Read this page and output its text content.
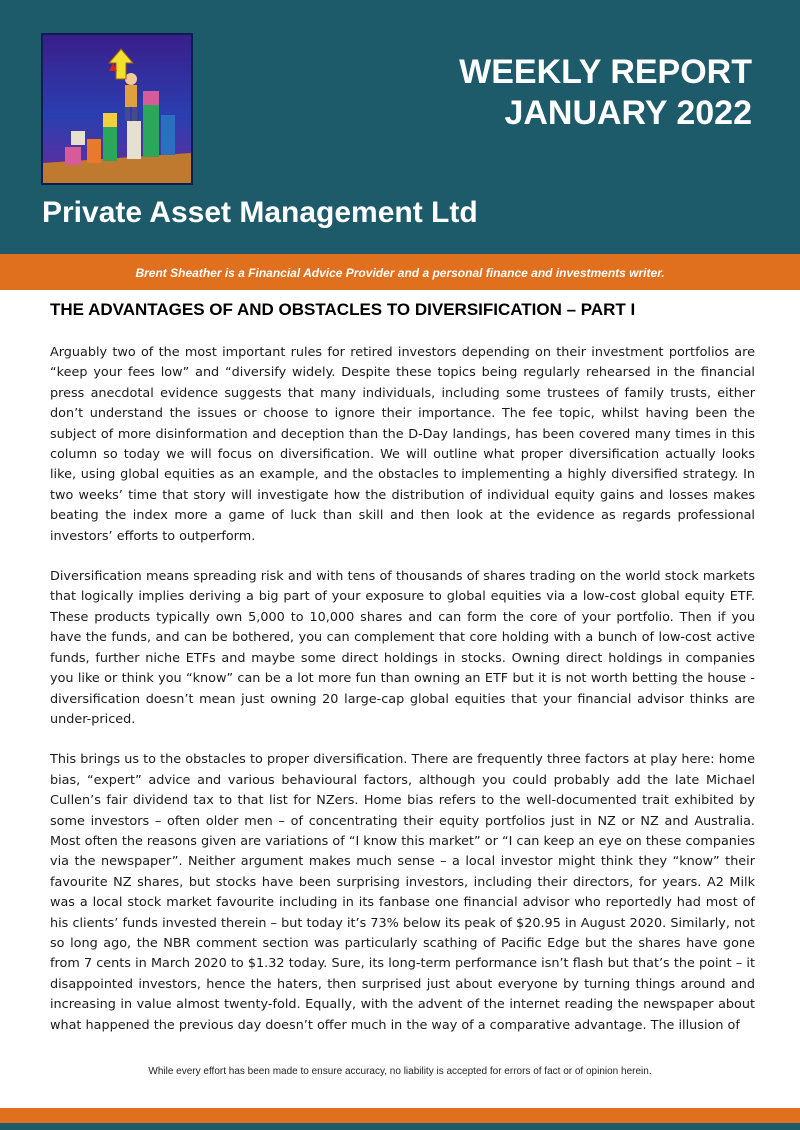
WEEKLY REPORT
JANUARY 2022
Private Asset Management Ltd
Brent Sheather is a Financial Advice Provider and a personal finance and investments writer.
THE ADVANTAGES OF AND OBSTACLES TO DIVERSIFICATION – PART I

Arguably two of the most important rules for retired investors depending on their investment portfolios are “keep your fees low” and “diversify widely. Despite these topics being regularly rehearsed in the financial press anecdotal evidence suggests that many individuals, including some trustees of family trusts, either don’t understand the issues or choose to ignore their importance. The fee topic, whilst having been the subject of more disinformation and deception than the D-Day landings, has been covered many times in this column so today we will focus on diversification. We will outline what proper diversification actually looks like, using global equities as an example, and the obstacles to implementing a highly diversified strategy. In two weeks’ time that story will investigate how the distribution of individual equity gains and losses makes beating the index more a game of luck than skill and then look at the evidence as regards professional investors’ efforts to outperform.

Diversification means spreading risk and with tens of thousands of shares trading on the world stock markets that logically implies deriving a big part of your exposure to global equities via a low-cost global equity ETF. These products typically own 5,000 to 10,000 shares and can form the core of your portfolio. Then if you have the funds, and can be bothered, you can complement that core holding with a bunch of low-cost active funds, further niche ETFs and maybe some direct holdings in stocks. Owning direct holdings in companies you like or think you “know” can be a lot more fun than owning an ETF but it is not worth betting the house - diversification doesn’t mean just owning 20 large-cap global equities that your financial advisor thinks are under-priced.

This brings us to the obstacles to proper diversification. There are frequently three factors at play here: home bias, “expert” advice and various behavioural factors, although you could probably add the late Michael Cullen’s fair dividend tax to that list for NZers. Home bias refers to the well-documented trait exhibited by some investors – often older men – of concentrating their equity portfolios just in NZ or NZ and Australia. Most often the reasons given are variations of “I know this market” or “I can keep an eye on these companies via the newspaper”. Neither argument makes much sense – a local investor might think they “know” their favourite NZ shares, but stocks have been surprising investors, including their directors, for years. A2 Milk was a local stock market favourite including in its fanbase one financial advisor who reportedly had most of his clients’ funds invested therein – but today it’s 73% below its peak of $20.95 in August 2020. Similarly, not so long ago, the NBR comment section was particularly scathing of Pacific Edge but the shares have gone from 7 cents in March 2020 to $1.32 today. Sure, its long-term performance isn’t flash but that’s the point – it disappointed investors, hence the haters, then surprised just about everyone by turning things around and increasing in value almost twenty-fold. Equally, with the advent of the internet reading the newspaper about what happened the previous day doesn’t offer much in the way of a comparative advantage. The illusion of

While every effort has been made to ensure accuracy, no liability is accepted for errors of fact or of opinion herein.
